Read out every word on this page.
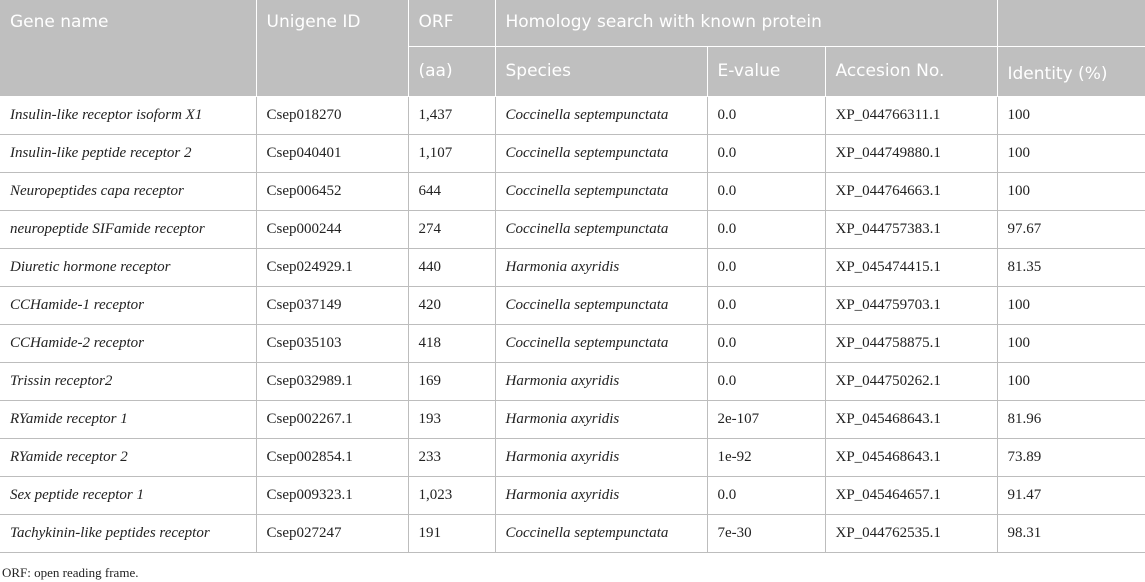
Gene name	Unigene ID	ORF	Homology search with known protein			
		(aa)	Species	E-value	Accesion No.	Identity (%)
Insulin-like receptor isoform X1	Csep018270	1,437	Coccinella septempunctata	0.0	XP_044766311.1	100
Insulin-like peptide receptor 2	Csep040401	1,107	Coccinella septempunctata	0.0	XP_044749880.1	100
Neuropeptides capa receptor	Csep006452	644	Coccinella septempunctata	0.0	XP_044764663.1	100
neuropeptide SIFamide receptor	Csep000244	274	Coccinella septempunctata	0.0	XP_044757383.1	97.67
Diuretic hormone receptor	Csep024929.1	440	Harmonia axyridis	0.0	XP_045474415.1	81.35
CCHamide-1 receptor	Csep037149	420	Coccinella septempunctata	0.0	XP_044759703.1	100
CCHamide-2 receptor	Csep035103	418	Coccinella septempunctata	0.0	XP_044758875.1	100
Trissin receptor2	Csep032989.1	169	Harmonia axyridis	0.0	XP_044750262.1	100
RYamide receptor 1	Csep002267.1	193	Harmonia axyridis	2e-107	XP_045468643.1	81.96
RYamide receptor 2	Csep002854.1	233	Harmonia axyridis	1e-92	XP_045468643.1	73.89
Sex peptide receptor 1	Csep009323.1	1,023	Harmonia axyridis	0.0	XP_045464657.1	91.47
Tachykinin-like peptides receptor	Csep027247	191	Coccinella septempunctata	7e-30	XP_044762535.1	98.31
ORF: open reading frame.
